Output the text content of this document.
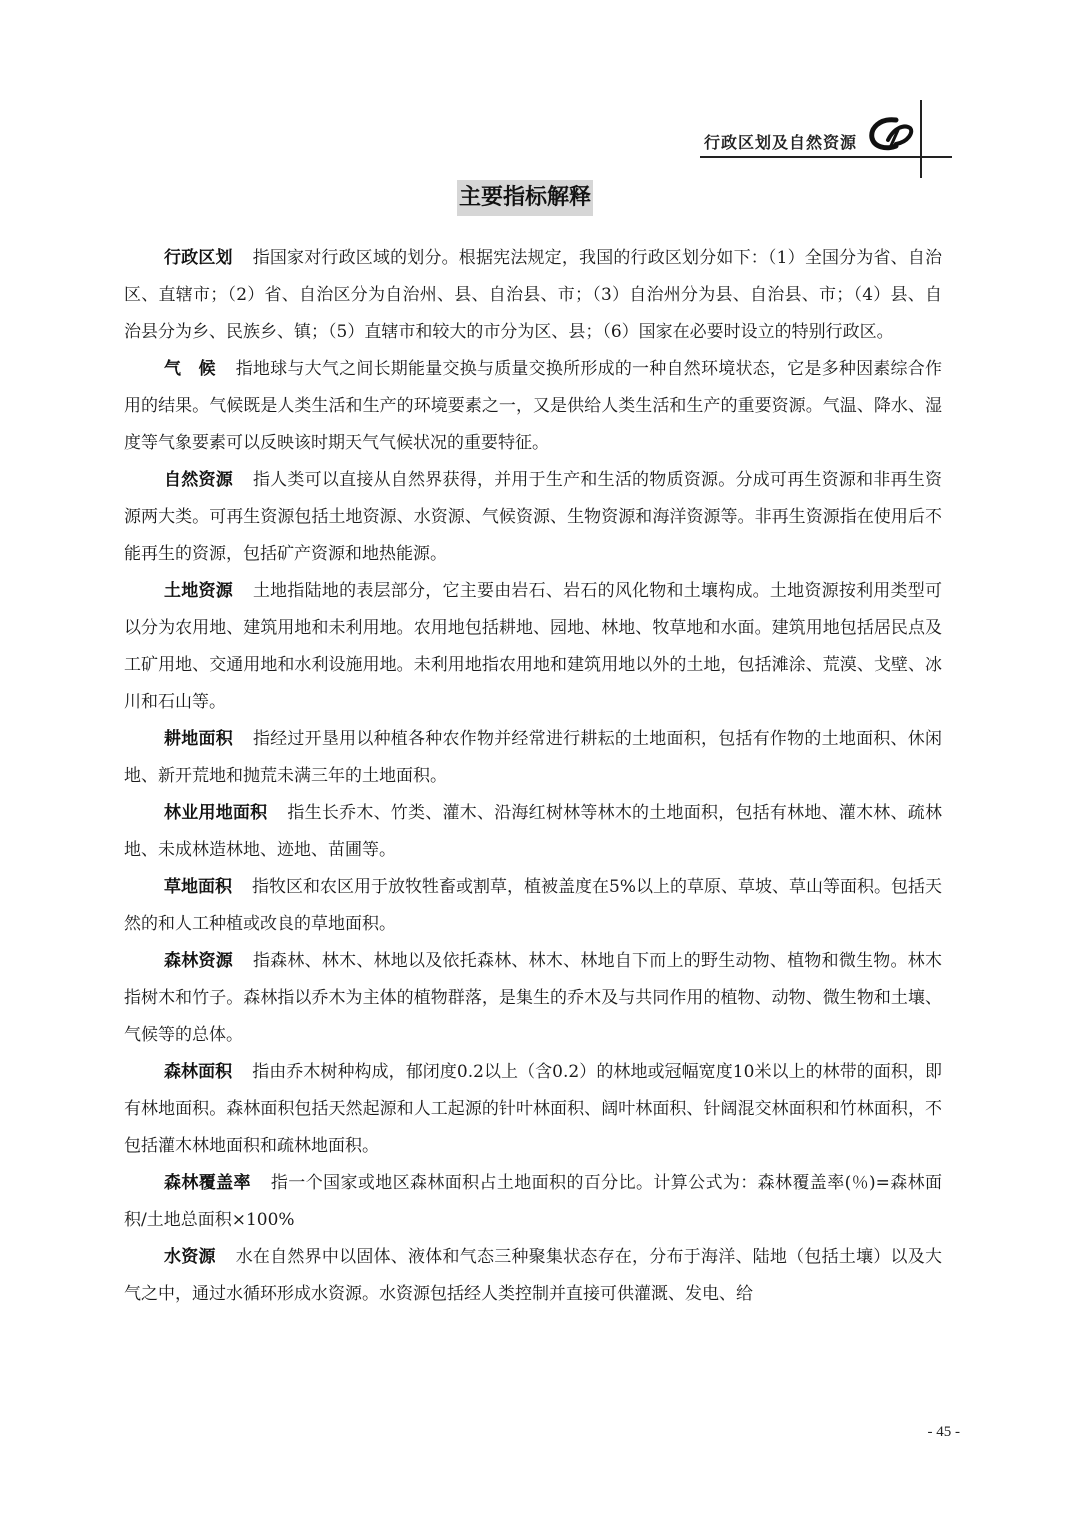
行政区划及自然资源
主要指标解释

行政区划 指国家对行政区域的划分。根据宪法规定，我国的行政区划分如下：（1）全国分为省、自治区、直辖市；（2）省、自治区分为自治州、县、自治县、市；（3）自治州分为县、自治县、市；（4）县、自治县分为乡、民族乡、镇；（5）直辖市和较大的市分为区、县；（6）国家在必要时设立的特别行政区。

气　候 指地球与大气之间长期能量交换与质量交换所形成的一种自然环境状态，它是多种因素综合作用的结果。气候既是人类生活和生产的环境要素之一，又是供给人类生活和生产的重要资源。气温、降水、湿度等气象要素可以反映该时期天气气候状况的重要特征。

自然资源 指人类可以直接从自然界获得，并用于生产和生活的物质资源。分成可再生资源和非再生资源两大类。可再生资源包括土地资源、水资源、气候资源、生物资源和海洋资源等。非再生资源指在使用后不能再生的资源，包括矿产资源和地热能源。

土地资源 土地指陆地的表层部分，它主要由岩石、岩石的风化物和土壤构成。土地资源按利用类型可以分为农用地、建筑用地和未利用地。农用地包括耕地、园地、林地、牧草地和水面。建筑用地包括居民点及工矿用地、交通用地和水利设施用地。未利用地指农用地和建筑用地以外的土地，包括滩涂、荒漠、戈壁、冰川和石山等。

耕地面积 指经过开垦用以种植各种农作物并经常进行耕耘的土地面积，包括有作物的土地面积、休闲地、新开荒地和抛荒未满三年的土地面积。

林业用地面积 指生长乔木、竹类、灌木、沿海红树林等林木的土地面积，包括有林地、灌木林、疏林地、未成林造林地、迹地、苗圃等。

草地面积 指牧区和农区用于放牧牲畜或割草，植被盖度在5%以上的草原、草坡、草山等面积。包括天然的和人工种植或改良的草地面积。

森林资源 指森林、林木、林地以及依托森林、林木、林地自下而上的野生动物、植物和微生物。林木指树木和竹子。森林指以乔木为主体的植物群落，是集生的乔木及与共同作用的植物、动物、微生物和土壤、气候等的总体。

森林面积 指由乔木树种构成，郁闭度0.2以上（含0.2）的林地或冠幅宽度10米以上的林带的面积，即有林地面积。森林面积包括天然起源和人工起源的针叶林面积、阔叶林面积、针阔混交林面积和竹林面积，不包括灌木林地面积和疏林地面积。

森林覆盖率 指一个国家或地区森林面积占土地面积的百分比。计算公式为：森林覆盖率(％)=森林面积/土地总面积×100%

水资源 水在自然界中以固体、液体和气态三种聚集状态存在，分布于海洋、陆地（包括土壤）以及大气之中，通过水循环形成水资源。水资源包括经人类控制并直接可供灌溉、发电、给

- 45 -
